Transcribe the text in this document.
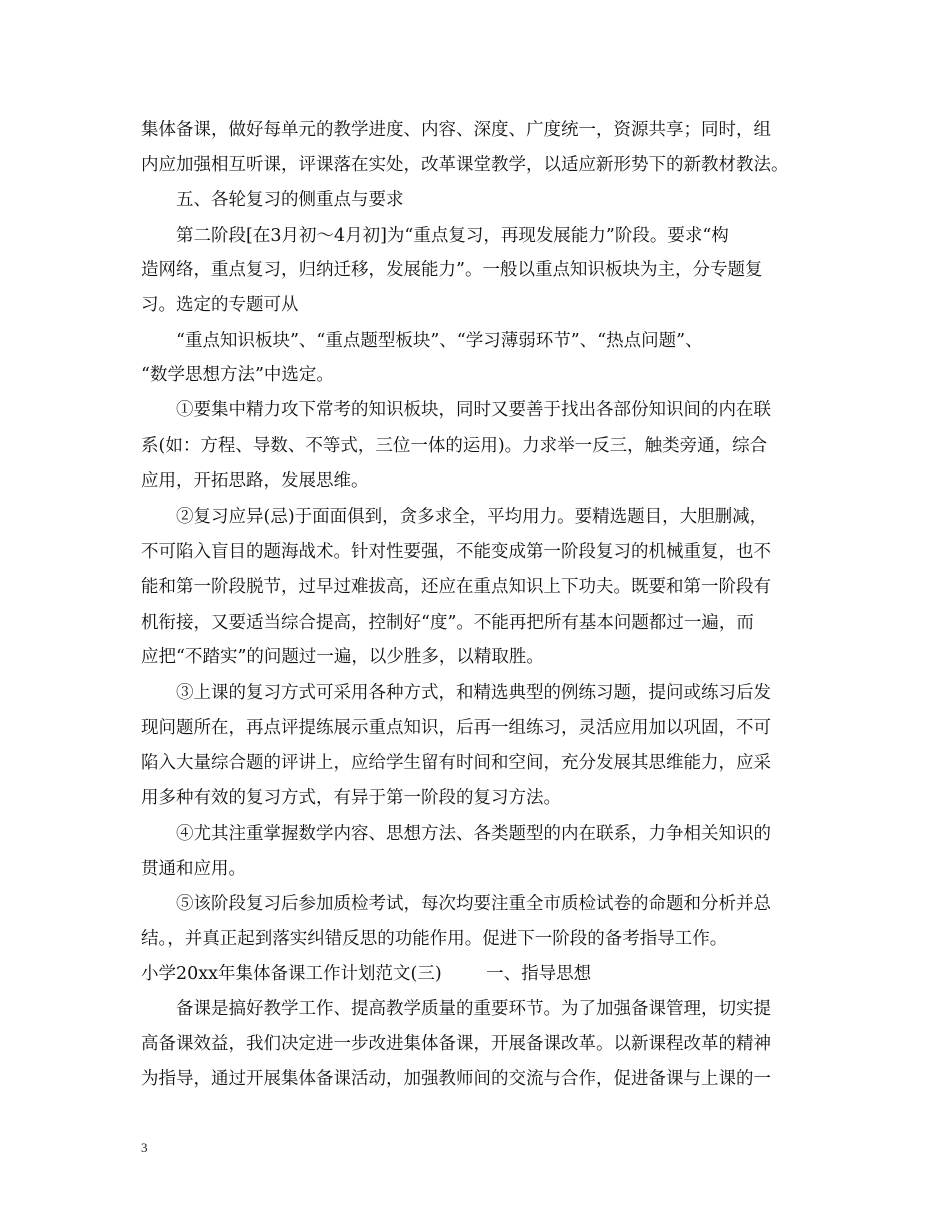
集体备课，做好每单元的教学进度、内容、深度、广度统一，资源共享；同时，组
内应加强相互听课，评课落在实处，改革课堂教学，以适应新形势下的新教材教法。
五、各轮复习的侧重点与要求
第二阶段[在3月初～4月初]为“重点复习，再现发展能力”阶段。要求“构
造网络，重点复习，归纳迁移，发展能力”。一般以重点知识板块为主，分专题复
习。选定的专题可从
“重点知识板块”、“重点题型板块”、“学习薄弱环节”、“热点问题”、
“数学思想方法”中选定。
①要集中精力攻下常考的知识板块，同时又要善于找出各部份知识间的内在联
系(如：方程、导数、不等式，三位一体的运用)。力求举一反三，触类旁通，综合
应用，开拓思路，发展思维。
②复习应异(忌)于面面俱到，贪多求全，平均用力。要精选题目，大胆删减，
不可陷入盲目的题海战术。针对性要强，不能变成第一阶段复习的机械重复，也不
能和第一阶段脱节，过早过难拔高，还应在重点知识上下功夫。既要和第一阶段有
机衔接，又要适当综合提高，控制好“度”。不能再把所有基本问题都过一遍，而
应把“不踏实”的问题过一遍，以少胜多，以精取胜。
③上课的复习方式可采用各种方式，和精选典型的例练习题，提问或练习后发
现问题所在，再点评提练展示重点知识，后再一组练习，灵活应用加以巩固，不可
陷入大量综合题的评讲上，应给学生留有时间和空间，充分发展其思维能力，应采
用多种有效的复习方式，有异于第一阶段的复习方法。
④尤其注重掌握数学内容、思想方法、各类题型的内在联系，力争相关知识的
贯通和应用。
⑤该阶段复习后参加质检考试，每次均要注重全市质检试卷的命题和分析并总
结。，并真正起到落实纠错反思的功能作用。促进下一阶段的备考指导工作。
小学20xx年集体备课工作计划范文(三)        一、指导思想
备课是搞好教学工作、提高教学质量的重要环节。为了加强备课管理，切实提
高备课效益，我们决定进一步改进集体备课，开展备课改革。以新课程改革的精神
为指导，通过开展集体备课活动，加强教师间的交流与合作，促进备课与上课的一
3
